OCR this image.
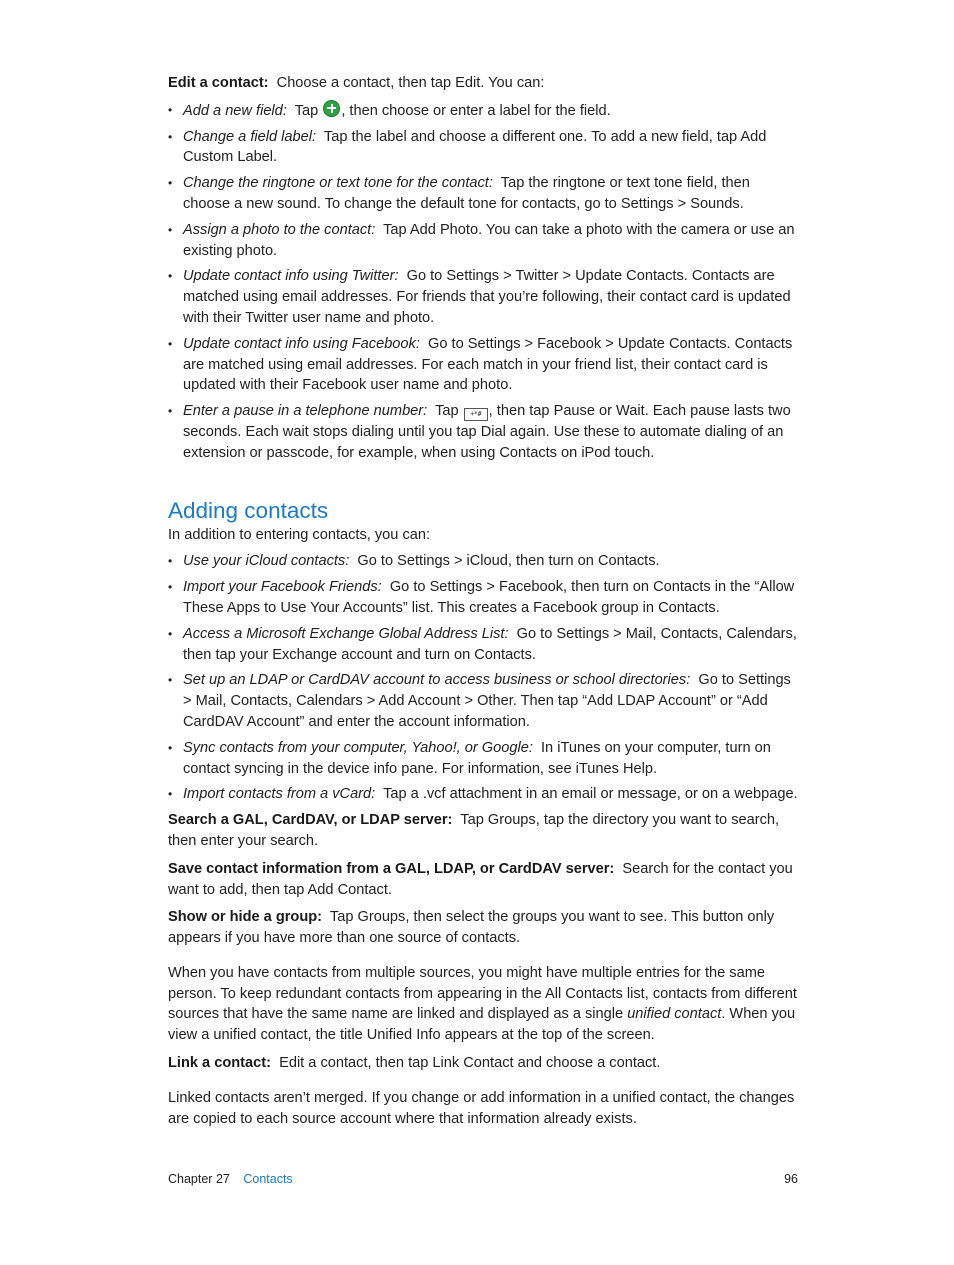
Edit a contact: Choose a contact, then tap Edit. You can:

• Add a new field: Tap , then choose or enter a label for the field.
• Change a field label: Tap the label and choose a different one. To add a new field, tap Add Custom Label.
• Change the ringtone or text tone for the contact: Tap the ringtone or text tone field, then choose a new sound. To change the default tone for contacts, go to Settings > Sounds.
• Assign a photo to the contact: Tap Add Photo. You can take a photo with the camera or use an existing photo.
• Update contact info using Twitter: Go to Settings > Twitter > Update Contacts. Contacts are matched using email addresses. For friends that you’re following, their contact card is updated with their Twitter user name and photo.
• Update contact info using Facebook: Go to Settings > Facebook > Update Contacts. Contacts are matched using email addresses. For each match in your friend list, their contact card is updated with their Facebook user name and photo.
• Enter a pause in a telephone number: Tap +*# , then tap Pause or Wait. Each pause lasts two seconds. Each wait stops dialing until you tap Dial again. Use these to automate dialing of an extension or passcode, for example, when using Contacts on iPod touch.
Adding contacts

In addition to entering contacts, you can:

• Use your iCloud contacts: Go to Settings > iCloud, then turn on Contacts.
• Import your Facebook Friends: Go to Settings > Facebook, then turn on Contacts in the “Allow These Apps to Use Your Accounts” list. This creates a Facebook group in Contacts.
• Access a Microsoft Exchange Global Address List: Go to Settings > Mail, Contacts, Calendars, then tap your Exchange account and turn on Contacts.
• Set up an LDAP or CardDAV account to access business or school directories: Go to Settings > Mail, Contacts, Calendars > Add Account > Other. Then tap “Add LDAP Account” or “Add CardDAV Account” and enter the account information.
• Sync contacts from your computer, Yahoo!, or Google: In iTunes on your computer, turn on contact syncing in the device info pane. For information, see iTunes Help.
• Import contacts from a vCard: Tap a .vcf attachment in an email or message, or on a webpage.

Search a GAL, CardDAV, or LDAP server: Tap Groups, tap the directory you want to search, then enter your search.

Save contact information from a GAL, LDAP, or CardDAV server: Search for the contact you want to add, then tap Add Contact.

Show or hide a group: Tap Groups, then select the groups you want to see. This button only appears if you have more than one source of contacts.

When you have contacts from multiple sources, you might have multiple entries for the same person. To keep redundant contacts from appearing in the All Contacts list, contacts from different sources that have the same name are linked and displayed as a single unified contact. When you view a unified contact, the title Unified Info appears at the top of the screen.

Link a contact: Edit a contact, then tap Link Contact and choose a contact.

Linked contacts aren’t merged. If you change or add information in a unified contact, the changes are copied to each source account where that information already exists.

Chapter 27 Contacts	96
